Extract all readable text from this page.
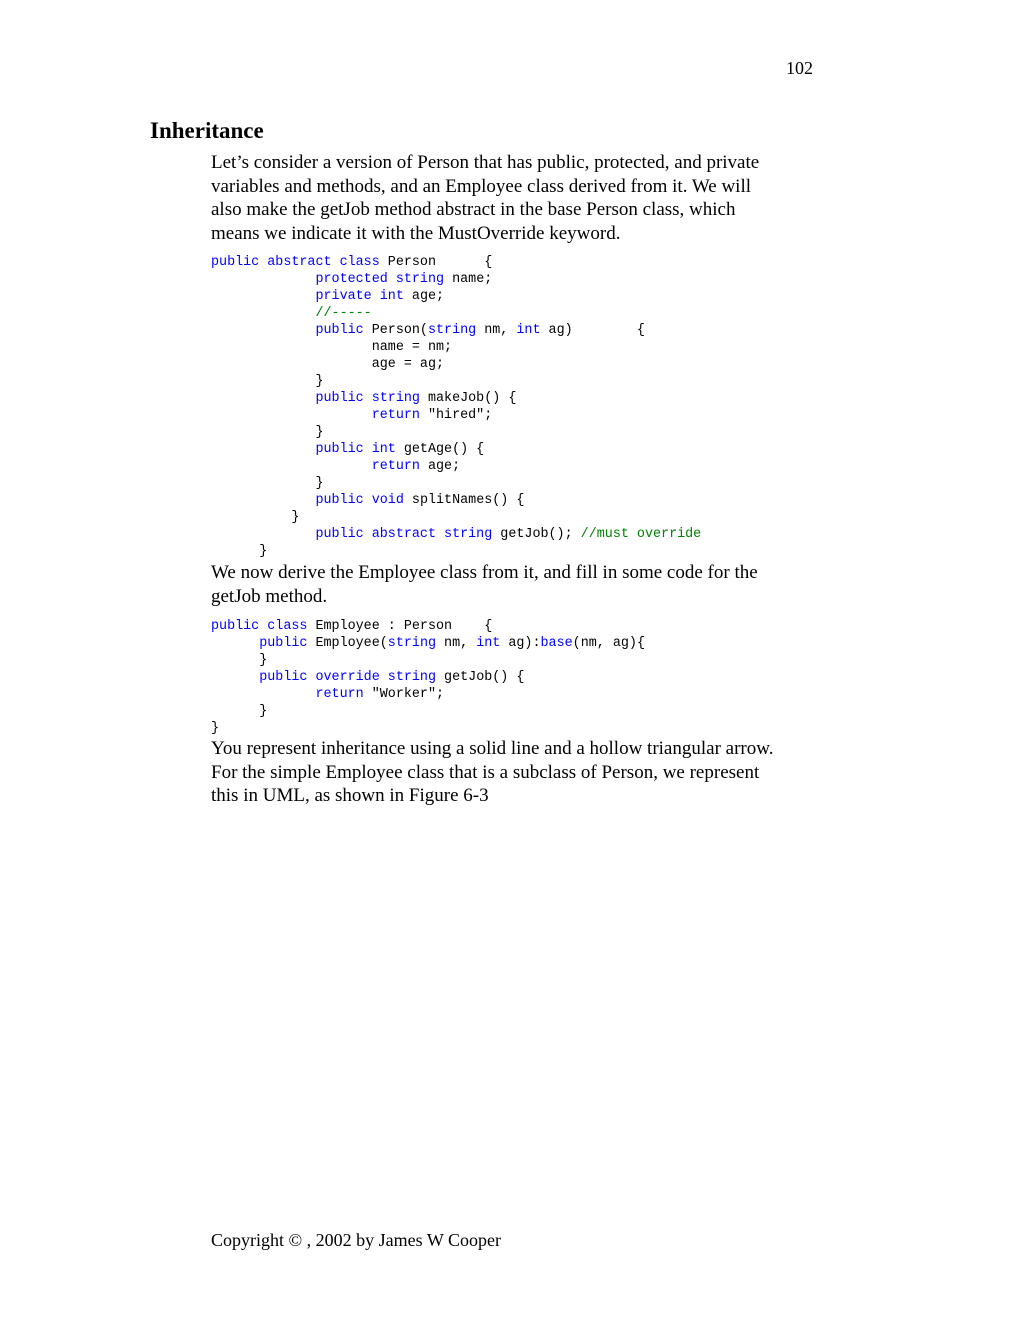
102
Inheritance

Let’s consider a version of Person that has public, protected, and private
variables and methods, and an Employee class derived from it. We will
also make the getJob method abstract in the base Person class, which
means we indicate it with the MustOverride keyword.

public abstract class Person      {
protected string name;
private int age;
//-----
public Person(string nm, int ag)        {
name = nm;
age = ag;
}
public string makeJob() {
return "hired";
}
public int getAge() {
return age;
}
public void splitNames() {
}
public abstract string getJob(); //must override
}

We now derive the Employee class from it, and fill in some code for the
getJob method.

public class Employee : Person    {
public Employee(string nm, int ag):base(nm, ag){
}
public override string getJob() {
return "Worker";
}
}

You represent inheritance using a solid line and a hollow triangular arrow.
For the simple Employee class that is a subclass of Person, we represent
this in UML, as shown in Figure 6-3

Copyright © , 2002 by James W Cooper
